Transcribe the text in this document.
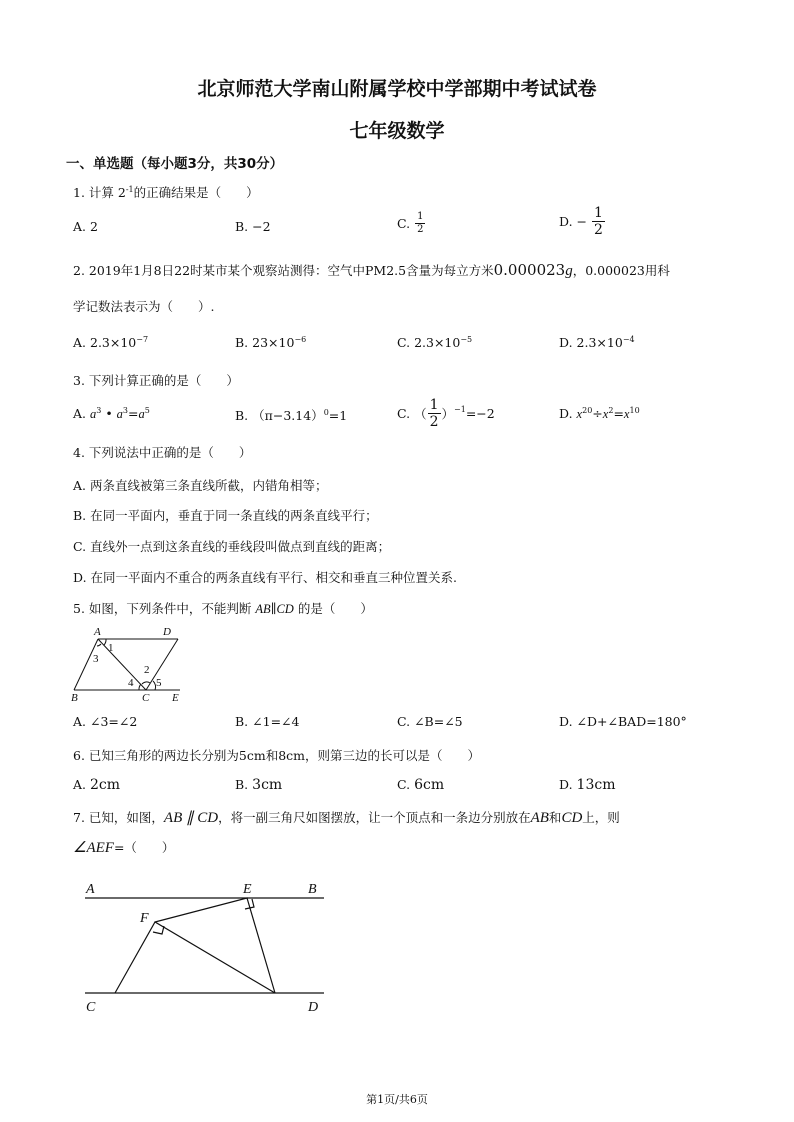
北京师范大学南山附属学校中学部期中考试试卷
七年级数学
一、单选题（每小题3分，共30分）
1. 计算 $2^{-1}$的正确结果是（　　）
A. 2	B. −2	C. $\frac{1}{2}$	D. − $\frac{1}{2}$
2. 2019年1月8日22时某市某个观察站测得：空气中PM2.5含量为每立方米0.000023g，0.000023用科
学记数法表示为（　　）.
A. $2.3\times 10^{-7}$	B. $23\times 10^{-6}$	C. $2.3\times 10^{-5}$	D. $2.3\times 10^{-4}$
3. 下列计算正确的是（　　）
A. $a^3$ • $a^3=a^5$	B. $(\pi-3.14)^0=1$	C. （ $\frac{1}{2} )^{-1}=-2$	D. $x^{20}\div x^2=x^{10}$
4. 下列说法中正确的是（　　）
A. 两条直线被第三条直线所截，内错角相等；
B. 在同一平面内，垂直于同一条直线的两条直线平行；
C. 直线外一点到这条直线的垂线段叫做点到直线的距离；
D. 在同一平面内不重合的两条直线有平行、相交和垂直三种位置关系.
5. 如图，下列条件中，不能判断 AB∥CD 的是（　　）
A	D
1
3
2
4 5
B	C E
A. ∠3=∠2	B. ∠1=∠4	C. ∠B=∠5	D. ∠D+∠BAD=180°
6. 已知三角形的两边长分别为5cm和8cm，则第三边的长可以是（　　）
A. 2cm	B. 3cm	C. 6cm	D. 13cm
7. 已知，如图，AB ∥ CD，将一副三角尺如图摆放，让一个顶点和一条边分别放在AB和CD上，则
∠AEF=（　　）
A	E	B
F
C	D
第1页/共6页
